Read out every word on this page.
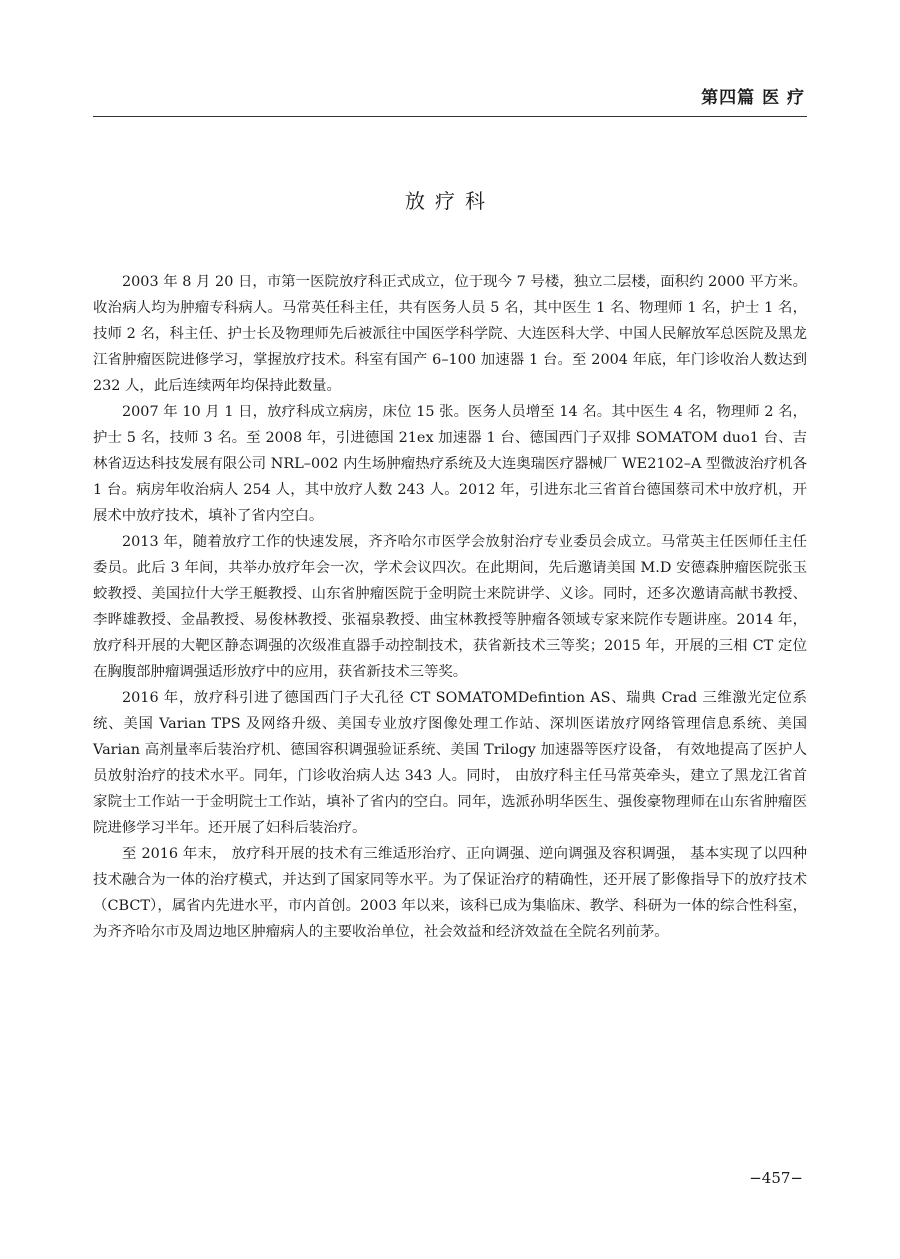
第四篇 医 疗
放疗科

2003 年 8 月 20 日，市第一医院放疗科正式成立，位于现今 7 号楼，独立二层楼，面积约 2000 平方米。收治病人均为肿瘤专科病人。马常英任科主任，共有医务人员 5 名，其中医生 1 名、物理师 1 名，护士 1 名，技师 2 名，科主任、护士长及物理师先后被派往中国医学科学院、大连医科大学、中国人民解放军总医院及黑龙江省肿瘤医院进修学习，掌握放疗技术。科室有国产 6–100 加速器 1 台。至 2004 年底，年门诊收治人数达到 232 人，此后连续两年均保持此数量。

2007 年 10 月 1 日，放疗科成立病房，床位 15 张。医务人员增至 14 名。其中医生 4 名，物理师 2 名，护士 5 名，技师 3 名。至 2008 年，引进德国 21ex 加速器 1 台、德国西门子双排 SOMATOM duo1 台、吉林省迈达科技发展有限公司 NRL–002 内生场肿瘤热疗系统及大连奥瑞医疗器械厂 WE2102–A 型微波治疗机各 1 台。病房年收治病人 254 人，其中放疗人数 243 人。2012 年，引进东北三省首台德国蔡司术中放疗机，开展术中放疗技术，填补了省内空白。

2013 年，随着放疗工作的快速发展，齐齐哈尔市医学会放射治疗专业委员会成立。马常英主任医师任主任委员。此后 3 年间，共举办放疗年会一次，学术会议四次。在此期间，先后邀请美国 M.D 安德森肿瘤医院张玉蛟教授、美国拉什大学王艇教授、山东省肿瘤医院于金明院士来院讲学、义诊。同时，还多次邀请高献书教授、李晔雄教授、金晶教授、易俊林教授、张福泉教授、曲宝林教授等肿瘤各领域专家来院作专题讲座。2014 年，放疗科开展的大靶区静态调强的次级准直器手动控制技术，获省新技术三等奖；2015 年，开展的三相 CT 定位在胸腹部肿瘤调强适形放疗中的应用，获省新技术三等奖。

2016 年，放疗科引进了德国西门子大孔径 CT SOMATOMDefintion AS、瑞典 Crad 三维激光定位系统、美国 Varian TPS 及网络升级、美国专业放疗图像处理工作站、深圳医诺放疗网络管理信息系统、美国 Varian 高剂量率后装治疗机、德国容积调强验证系统、美国 Trilogy 加速器等医疗设备， 有效地提高了医护人员放射治疗的技术水平。同年，门诊收治病人达 343 人。同时， 由放疗科主任马常英牵头，建立了黑龙江省首家院士工作站一于金明院士工作站，填补了省内的空白。同年，选派孙明华医生、强俊豪物理师在山东省肿瘤医院进修学习半年。还开展了妇科后装治疗。

至 2016 年末， 放疗科开展的技术有三维适形治疗、正向调强、逆向调强及容积调强， 基本实现了以四种技术融合为一体的治疗模式，并达到了国家同等水平。为了保证治疗的精确性，还开展了影像指导下的放疗技术（CBCT），属省内先进水平，市内首创。2003 年以来，该科已成为集临床、教学、科研为一体的综合性科室，为齐齐哈尔市及周边地区肿瘤病人的主要收治单位，社会效益和经济效益在全院名列前茅。

−457−
